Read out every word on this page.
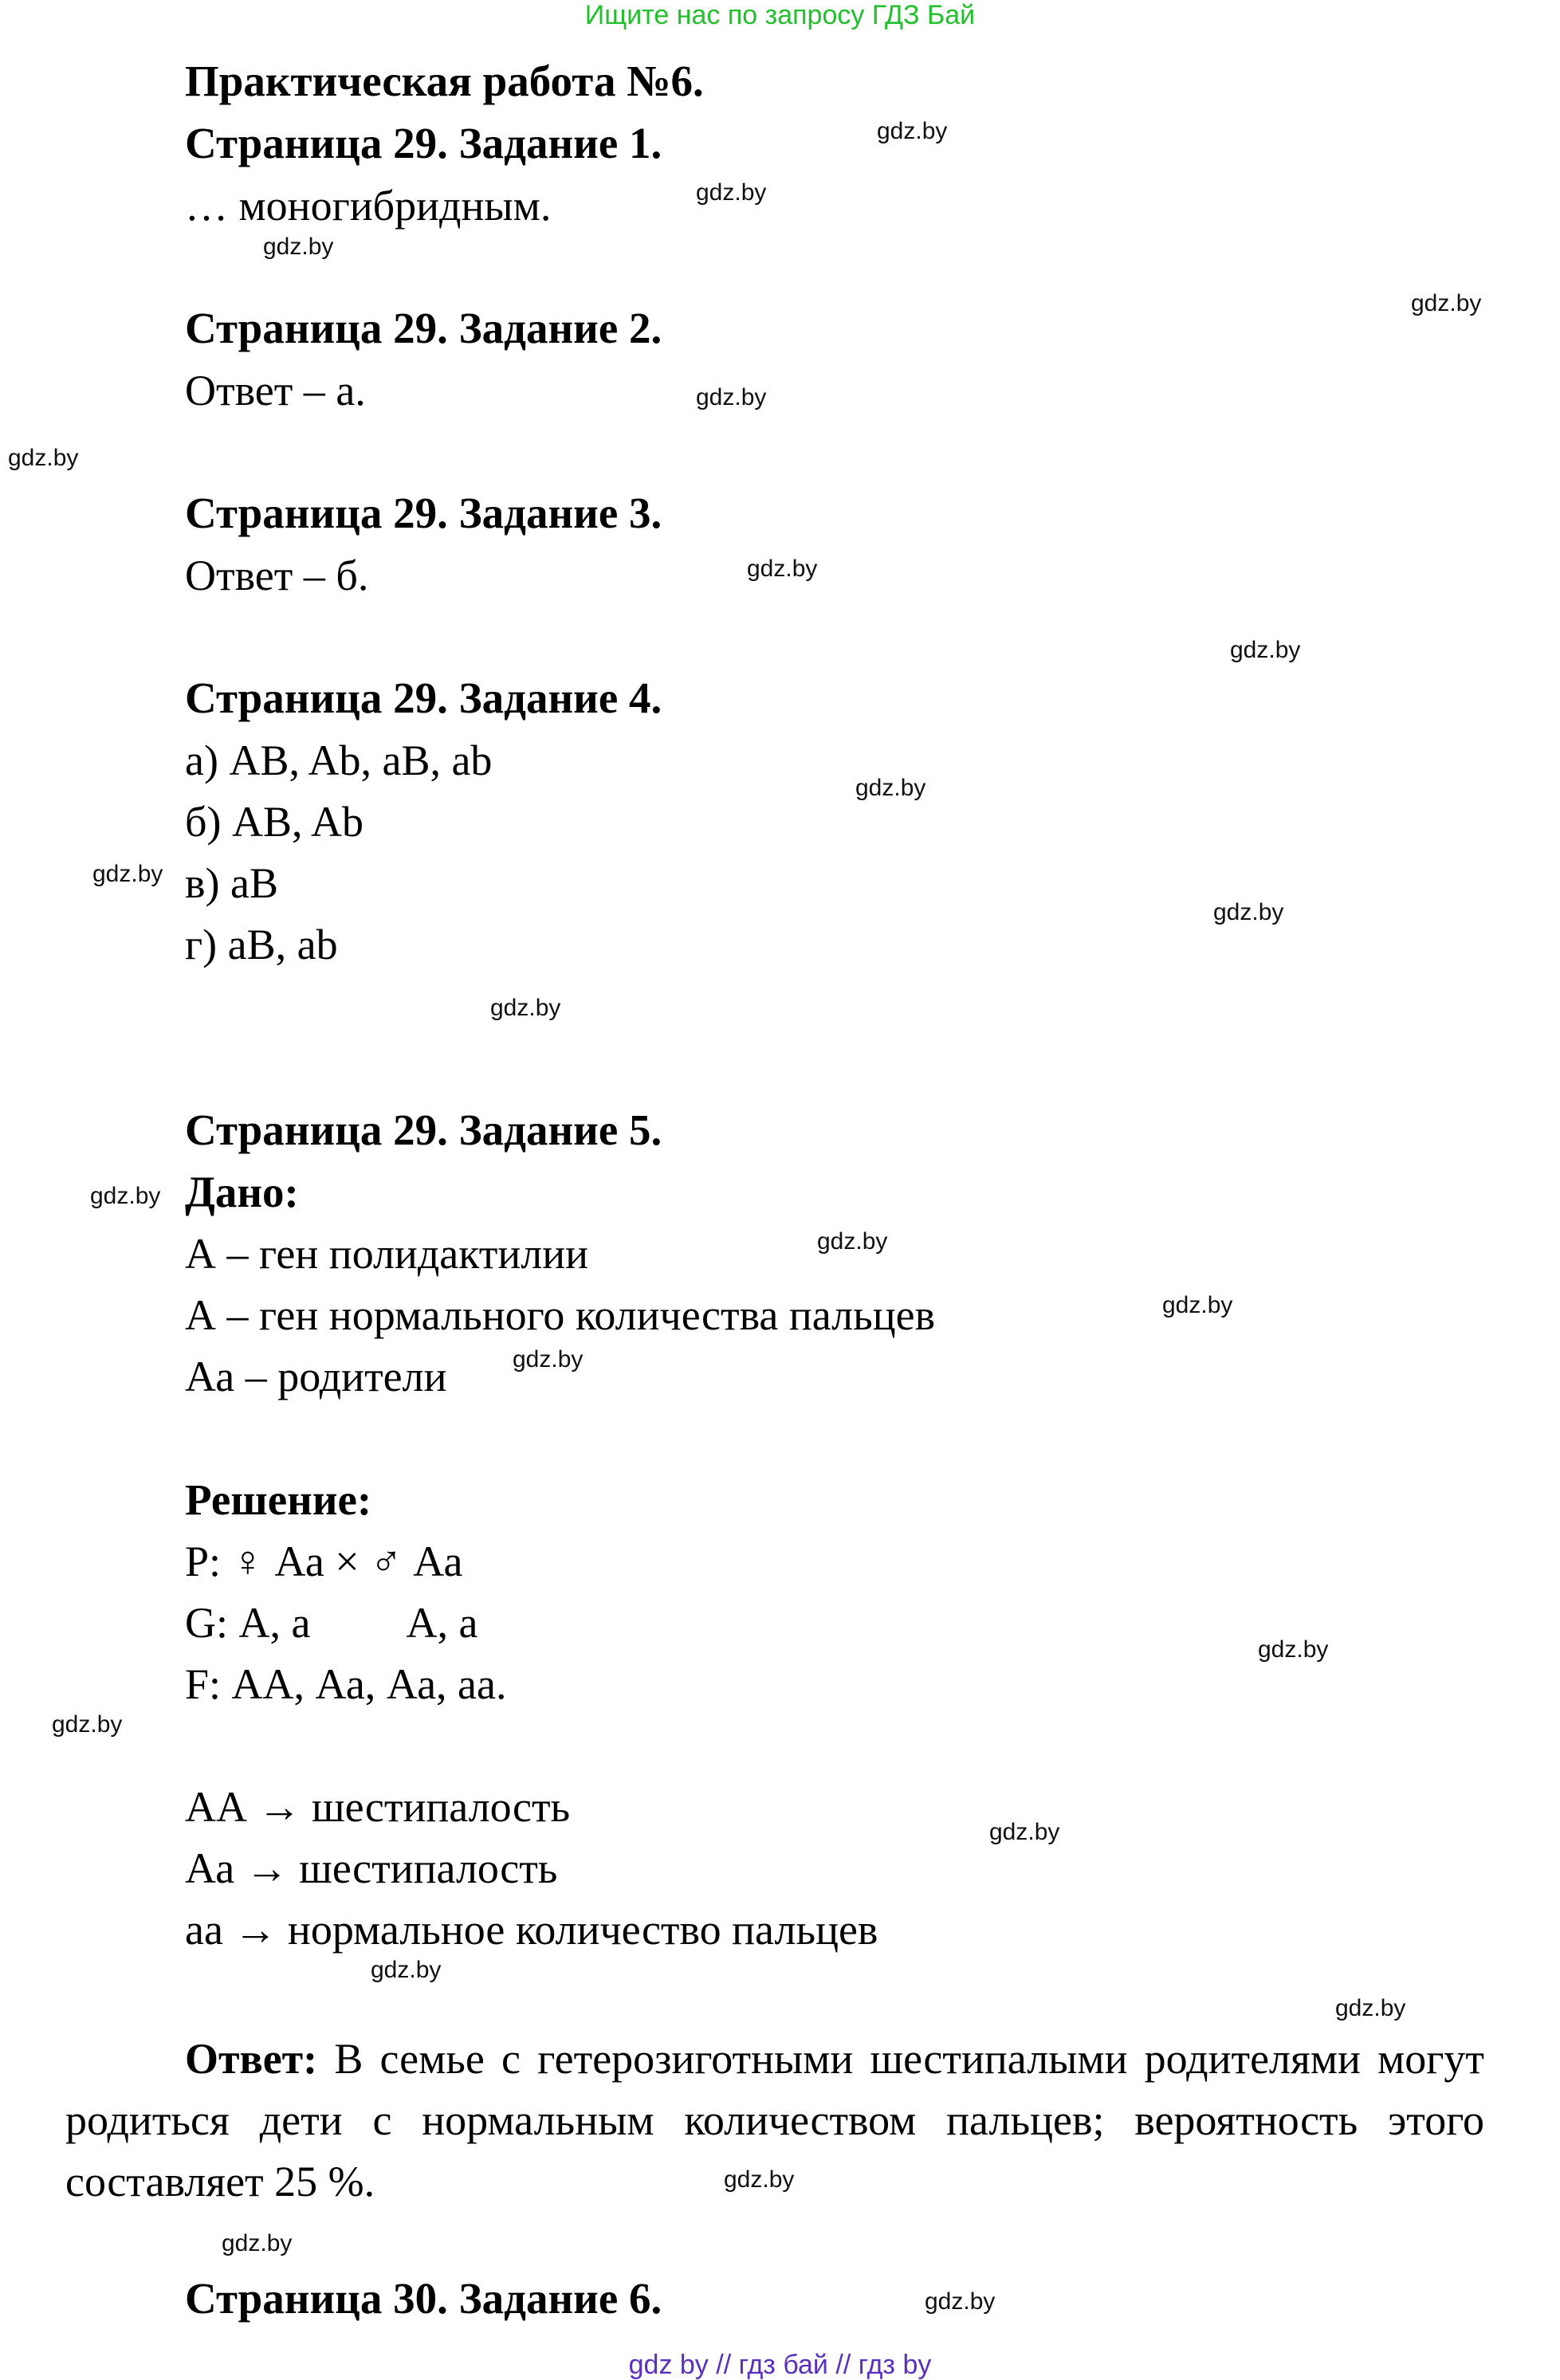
Ищите нас по запросу ГДЗ Бай
Практическая работа №6.
Страница 29. Задание 1.
… моногибридным.
Страница 29. Задание 2.
Ответ – а.
Страница 29. Задание 3.
Ответ – б.
Страница 29. Задание 4.
а) AB, Ab, aB, ab
б) AB, Ab
в) aB
г) aB, ab
Страница 29. Задание 5.
Дано:
А – ген полидактилии
А – ген нормального количества пальцев
Аа – родители
Решение:
P: ♀ Аа × ♂ Аа
G: А, а А, а
F: АА, Аа, Аа, аа.
АА → шестипалость
Аа → шестипалость
аа → нормальное количество пальцев
Ответ: В семье с гетерозиготными шестипалыми родителями могут родиться дети с нормальным количеством пальцев; вероятность этого составляет 25 %.
Страница 30. Задание 6.
gdz.by
gdz.by
gdz.by
gdz.by
gdz.by
gdz.by
gdz.by
gdz.by
gdz.by
gdz.by
gdz.by
gdz.by
gdz.by
gdz.by
gdz.by
gdz.by
gdz.by
gdz.by
gdz.by
gdz.by
gdz.by
gdz.by
gdz.by
gdz.by
gdz by // гдз бай // гдз by
